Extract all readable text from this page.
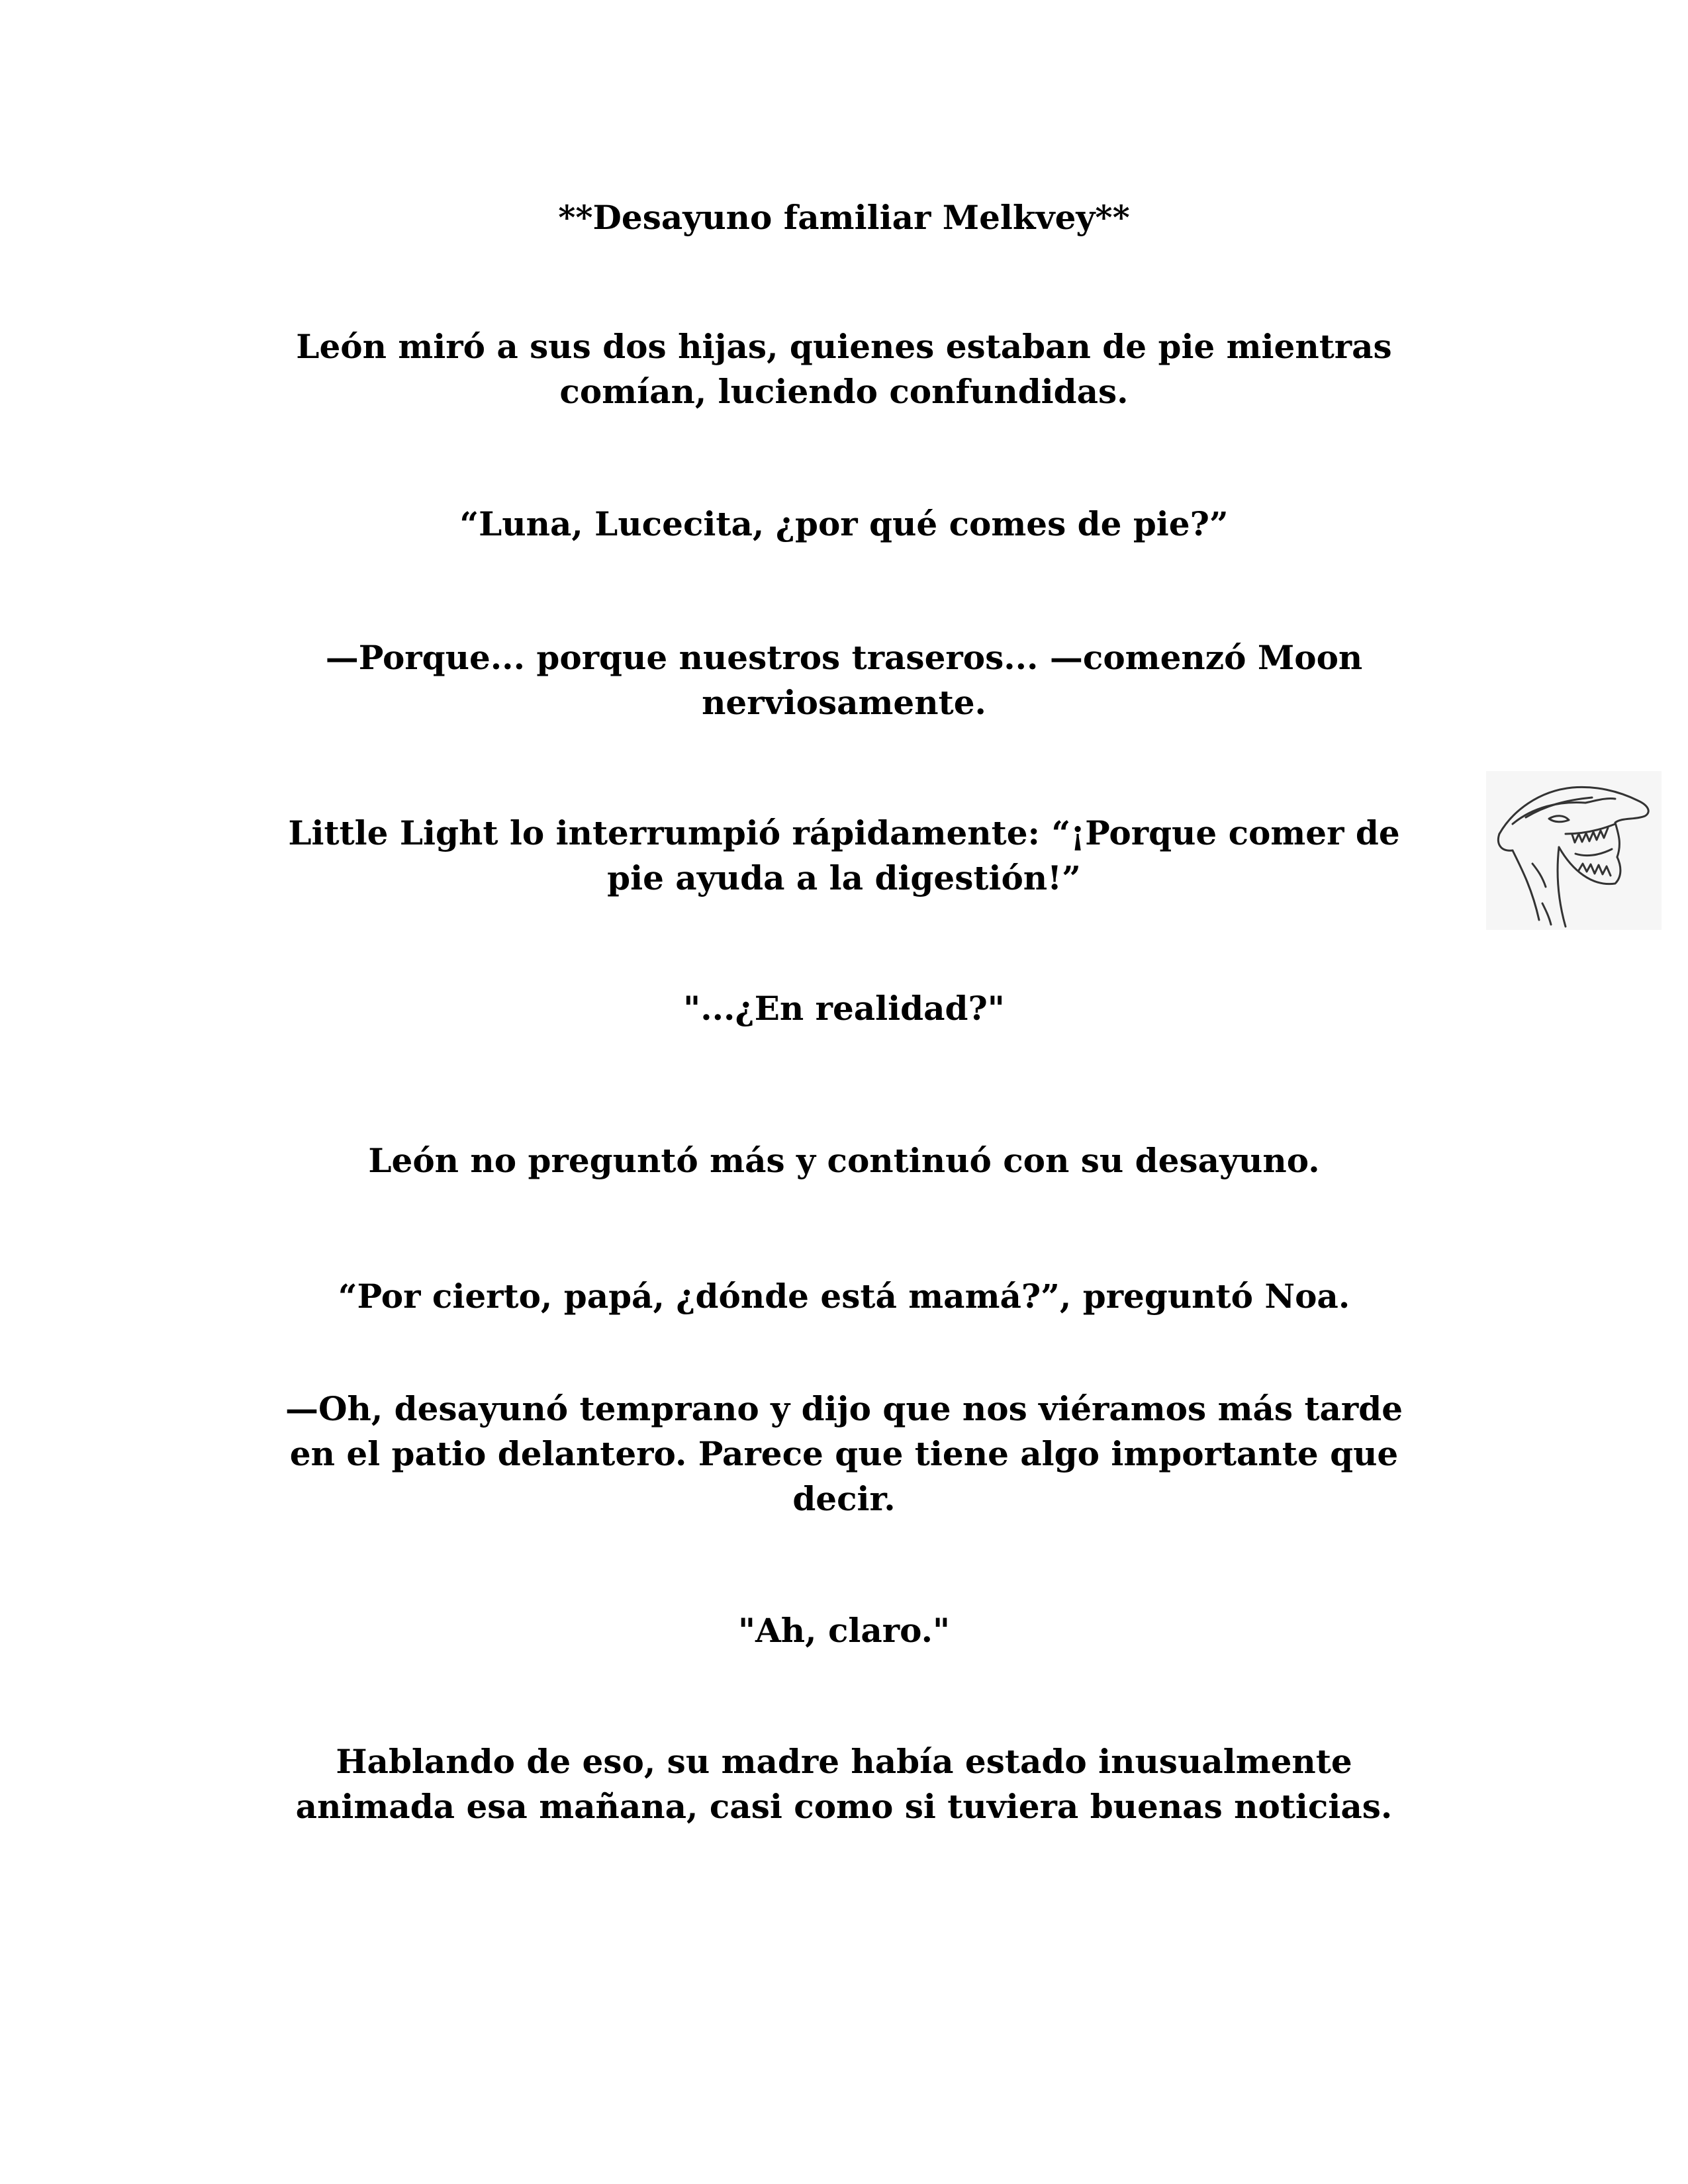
**Desayuno familiar Melkvey**

León miró a sus dos hijas, quienes estaban de pie mientras
comían, luciendo confundidas.

“Luna, Lucecita, ¿por qué comes de pie?”

—Porque... porque nuestros traseros... —comenzó Moon
nerviosamente.

Little Light lo interrumpió rápidamente: “¡Porque comer de
pie ayuda a la digestión!”

"...¿En realidad?"

León no preguntó más y continuó con su desayuno.

“Por cierto, papá, ¿dónde está mamá?”, preguntó Noa.

—Oh, desayunó temprano y dijo que nos viéramos más tarde
en el patio delantero. Parece que tiene algo importante que
decir.

"Ah, claro."

Hablando de eso, su madre había estado inusualmente
animada esa mañana, casi como si tuviera buenas noticias.
